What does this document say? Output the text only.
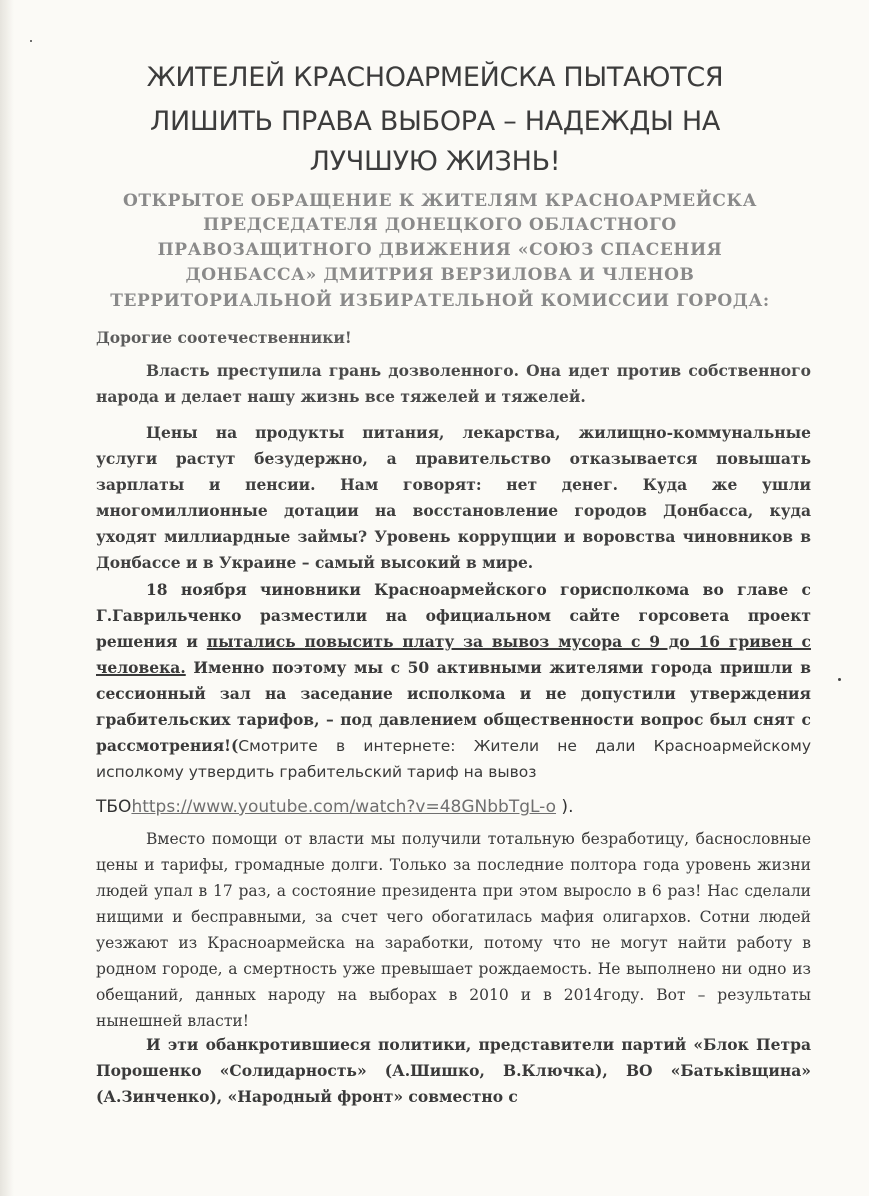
ЖИТЕЛЕЙ КРАСНОАРМЕЙСКА ПЫТАЮТСЯ
ЛИШИТЬ ПРАВА ВЫБОРА – НАДЕЖДЫ НА
ЛУЧШУЮ ЖИЗНЬ!
ОТКРЫТОЕ ОБРАЩЕНИЕ К ЖИТЕЛЯМ КРАСНОАРМЕЙСКА
ПРЕДСЕДАТЕЛЯ ДОНЕЦКОГО ОБЛАСТНОГО
ПРАВОЗАЩИТНОГО ДВИЖЕНИЯ «СОЮЗ СПАСЕНИЯ
ДОНБАССА» ДМИТРИЯ ВЕРЗИЛОВА И ЧЛЕНОВ
ТЕРРИТОРИАЛЬНОЙ ИЗБИРАТЕЛЬНОЙ КОМИССИИ ГОРОДА:
Дорогие соотечественники!
Власть преступила грань дозволенного. Она идет против собственного народа и делает нашу жизнь все тяжелей и тяжелей.
Цены на продукты питания, лекарства, жилищно-коммунальные услуги растут безудержно, а правительство отказывается повышать зарплаты и пенсии. Нам говорят: нет денег. Куда же ушли многомиллионные дотации на восстановление городов Донбасса, куда уходят миллиардные займы? Уровень коррупции и воровства чиновников в Донбассе и в Украине – самый высокий в мире.
18 ноября чиновники Красноармейского горисполкома во главе с Г.Гаврильченко разместили на официальном сайте горсовета проект решения и пытались повысить плату за вывоз мусора с 9 до 16 гривен с человека. Именно поэтому мы с 50 активными жителями города пришли в сессионный зал на заседание исполкома и не допустили утверждения грабительских тарифов, – под давлением общественности вопрос был снят с рассмотрения!(Смотрите в интернете: Жители не дали Красноармейскому исполкому утвердить грабительский тариф на вывоз
ТБОhttps://www.youtube.com/watch?v=48GNbbTgL-o ).
Вместо помощи от власти мы получили тотальную безработицу, баснословные цены и тарифы, громадные долги. Только за последние полтора года уровень жизни людей упал в 17 раз, а состояние президента при этом выросло в 6 раз! Нас сделали нищими и бесправными, за счет чего обогатилась мафия олигархов. Сотни людей уезжают из Красноармейска на заработки, потому что не могут найти работу в родном городе, а смертность уже превышает рождаемость. Не выполнено ни одно из обещаний, данных народу на выборах в 2010 и в 2014году. Вот – результаты нынешней власти!
И эти обанкротившиеся политики, представители партий «Блок Петра Порошенко «Солидарность» (А.Шишко, В.Ключка), ВО «Батьківщина» (А.Зинченко), «Народный фронт» совместно с
